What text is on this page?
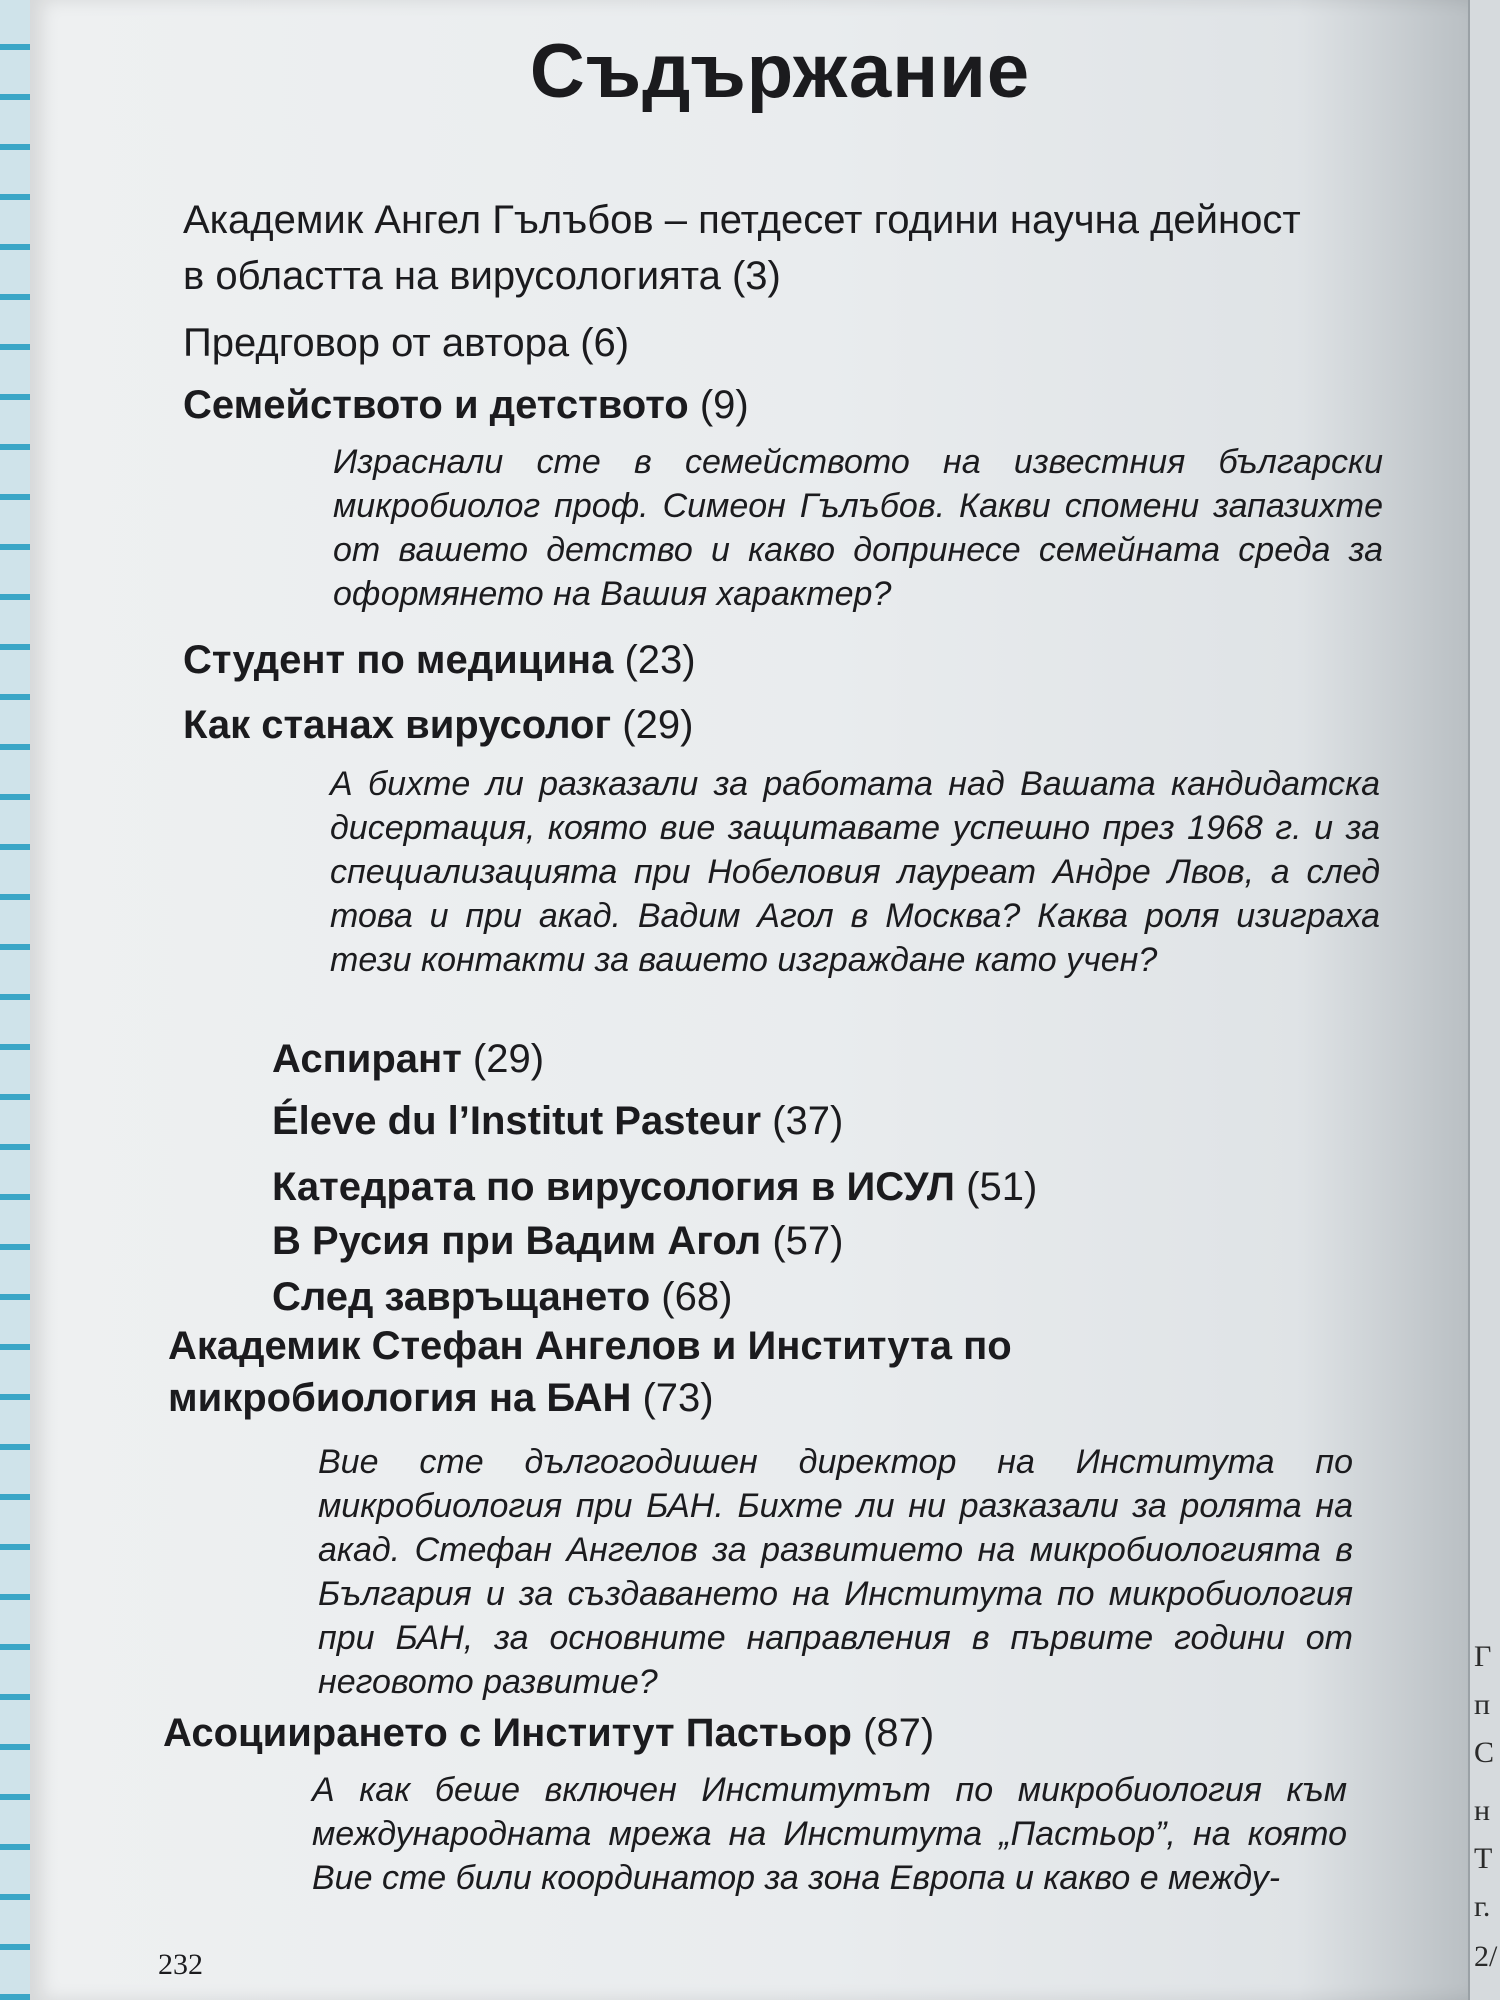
Г
п
С
н
Т
г.
2/
Съдържание

Академик Ангел Гълъбов – петдесет години научна дейност в областта на вирусологията (3)

Предговор от автора (6)

Семейството и детството (9)

Израснали сте в семейството на известния български микробиолог проф. Симеон Гълъбов. Какви спомени запазихте от вашето детство и какво допринесе семейната среда за оформянето на Вашия характер?

Студент по медицина (23)

Как станах вирусолог (29)

А бихте ли разказали за работата над Вашата кандидатска дисертация, която вие защитавате успешно през 1968 г. и за специализацията при Нобеловия лауреат Андре Лвов, а след това и при акад. Вадим Агол в Москва? Каква роля изиграха тези контакти за вашето изграждане като учен?

Аспирант (29)

Éleve du l’Institut Pasteur (37)

Катедрата по вирусология в ИСУЛ (51)

В Русия при Вадим Агол (57)

След завръщането (68)

Академик Стефан Ангелов и Института по микробиология на БАН (73)

Вие сте дългогодишен директор на Института по микробиология при БАН. Бихте ли ни разказали за ролята на акад. Стефан Ангелов за развитието на микробиологията в България и за създаването на Института по микробиология при БАН, за основните направления в първите години от неговото развитие?

Асоциирането с Институт Пастьор (87)

А как беше включен Институтът по микробиология към международната мрежа на Института „Пастьор”, на която Вие сте били координатор за зона Европа и какво е между-

232
